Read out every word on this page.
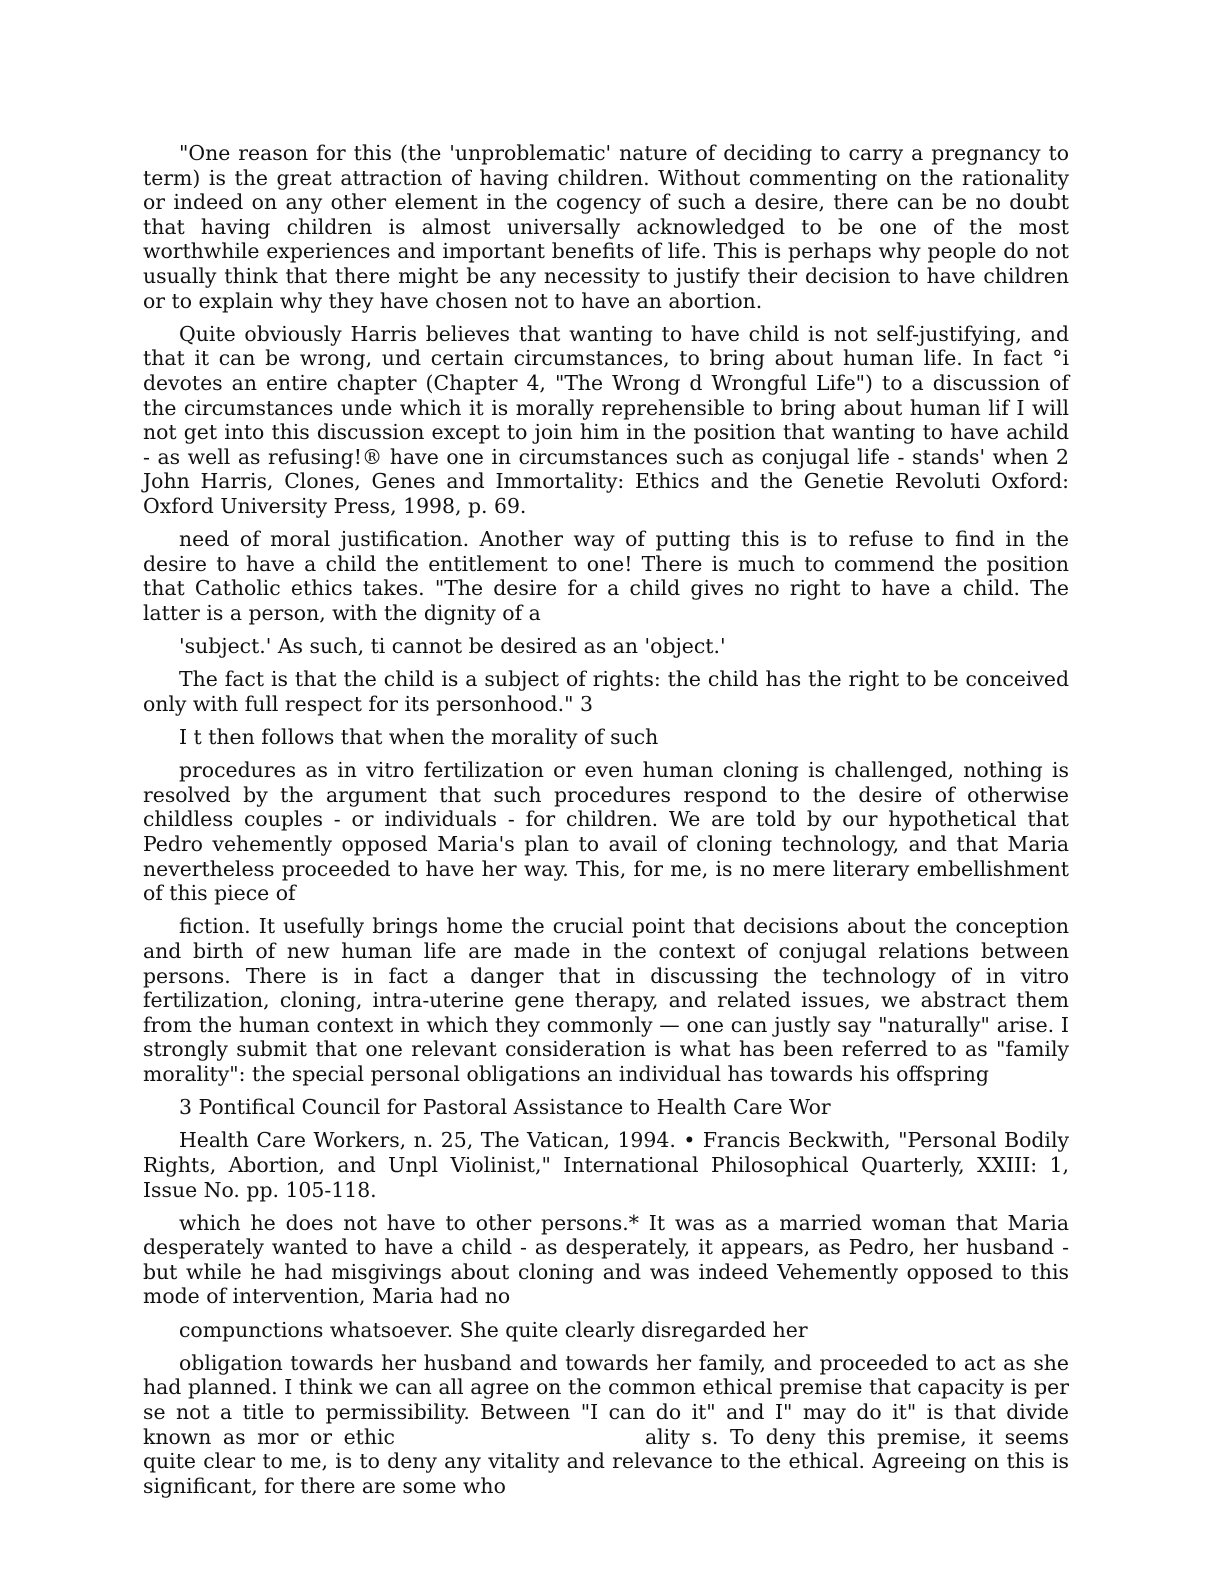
"One reason for this (the 'unproblematic' nature of deciding to carry a pregnancy to term) is the great attraction of having children. Without commenting on the rationality or indeed on any other element in the cogency of such a desire, there can be no doubt that having children is almost universally acknowledged to be one of the most worthwhile experiences and important benefits of life. This is perhaps why people do not usually think that there might be any necessity to justify their decision to have children or to explain why they have chosen not to have an abortion.

Quite obviously Harris believes that wanting to have child is not self-justifying, and that it can be wrong, und certain circumstances, to bring about human life. In fact °i devotes an entire chapter (Chapter 4, "The Wrong d Wrongful Life") to a discussion of the circumstances unde which it is morally reprehensible to bring about human lif I will not get into this discussion except to join him in the position that wanting to have achild - as well as refusing!® have one in circumstances such as conjugal life - stands' when 2 John Harris, Clones, Genes and Immortality: Ethics and the Genetie Revoluti Oxford: Oxford University Press, 1998, p. 69.

need of moral justification. Another way of putting this is to refuse to find in the desire to have a child the entitlement to one! There is much to commend the position that Catholic ethics takes. "The desire for a child gives no right to have a child. The latter is a person, with the dignity of a

'subject.' As such, ti cannot be desired as an 'object.'

The fact is that the child is a subject of rights: the child has the right to be conceived only with full respect for its personhood." 3

I t then follows that when the morality of such

procedures as in vitro fertilization or even human cloning is challenged, nothing is resolved by the argument that such procedures respond to the desire of otherwise childless couples - or individuals - for children. We are told by our hypothetical that Pedro vehemently opposed Maria's plan to avail of cloning technology, and that Maria nevertheless proceeded to have her way. This, for me, is no mere literary embellishment of this piece of

fiction. It usefully brings home the crucial point that decisions about the conception and birth of new human life are made in the context of conjugal relations between persons. There is in fact a danger that in discussing the technology of in vitro fertilization, cloning, intra-uterine gene therapy, and related issues, we abstract them from the human context in which they commonly — one can justly say "naturally" arise. I strongly submit that one relevant consideration is what has been referred to as "family morality": the special personal obligations an individual has towards his offspring

3 Pontifical Council for Pastoral Assistance to Health Care Wor

Health Care Workers, n. 25, The Vatican, 1994. • Francis Beckwith, "Personal Bodily Rights, Abortion, and Unpl Violinist," International Philosophical Quarterly, XXIII: 1, Issue No. pp. 105-118.

which he does not have to other persons.* It was as a married woman that Maria desperately wanted to have a child - as desperately, it appears, as Pedro, her husband - but while he had misgivings about cloning and was indeed Vehemently opposed to this mode of intervention, Maria had no

compunctions whatsoever. She quite clearly disregarded her

obligation towards her husband and towards her family, and proceeded to act as she had planned. I think we can all agree on the common ethical premise that capacity is per se not a title to permissibility. Between "I can do it" and I" may do it" is that divide known as mor or ethic	ality s. To deny this premise, it seems quite clear to me, is to deny any vitality and relevance to the ethical. Agreeing on this is significant, for there are some who
